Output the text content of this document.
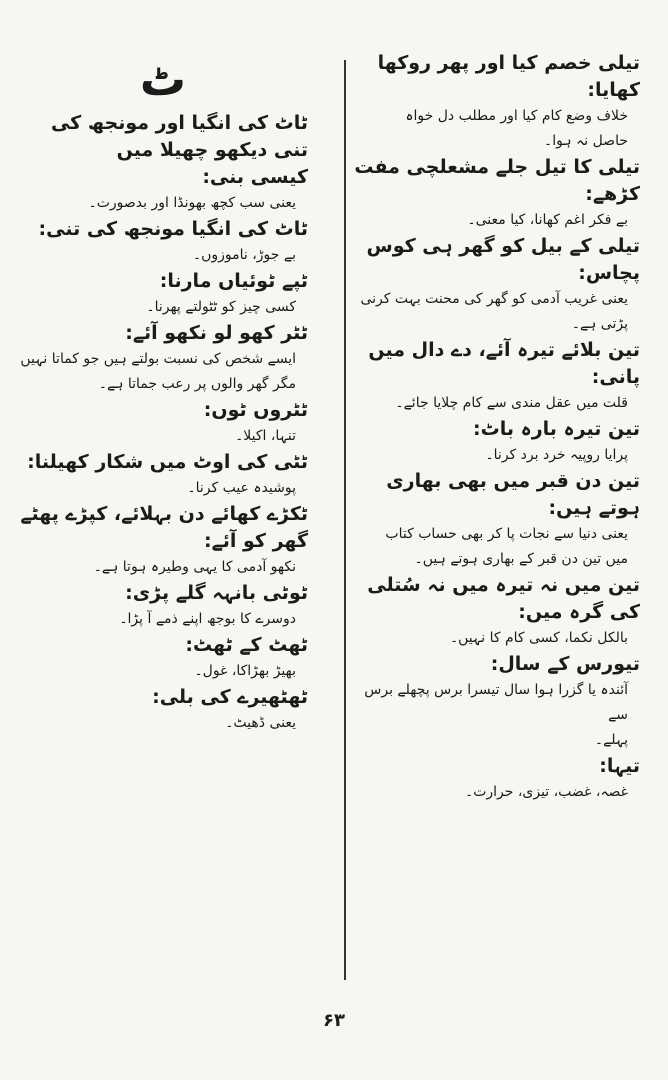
تیلی خصم کیا اور پھر روکھا کھایا:

خلاف وضع کام کیا اور مطلب دل خواہ

حاصل نہ ہوا۔

تیلی کا تیل جلے مشعلچی مفت کڑھے:

بے فکر اغم کھانا، کیا معنی۔

تیلی کے بیل کو گھر ہی کوس پچاس:

یعنی غریب آدمی کو گھر کی محنت بہت کرنی

پڑتی ہے۔

تین بلائے تیرہ آئے، دے دال میں

پانی:

قلت میں عقل مندی سے کام چلایا جائے۔

تین تیرہ بارہ باٹ:

پرایا روپیہ خرد برد کرنا۔

تین دن قبر میں بھی بھاری ہوتے ہیں:

یعنی دنیا سے نجات پا کر بھی حساب کتاب

میں تین دن قبر کے بھاری ہوتے ہیں۔

تین میں نہ تیرہ میں نہ سُتلی کی گرہ میں:

بالکل نکما، کسی کام کا نہیں۔

تیورس کے سال:

آئندہ یا گزرا ہوا سال تیسرا برس پچھلے برس سے

پہلے۔

تیہا:

غصہ، غضب، تیزی، حرارت۔

ٹ

ٹاٹ کی انگیا اور مونجھ کی تنی دیکھو چھیلا میں

کیسی بنی:

یعنی سب کچھ بھونڈا اور بدصورت۔

ٹاٹ کی انگیا مونجھ کی تنی:

بے جوڑ، ناموزوں۔

ٹپے ٹوئیاں مارنا:

کسی چیز کو ٹٹولتے پھرنا۔

ٹٹر کھو لو نکھو آئے:

ایسے شخص کی نسبت بولتے ہیں جو کماتا نہیں

مگر گھر والوں پر رعب جماتا ہے۔

ٹٹروں ٹوں:

تنہا، اکیلا۔

ٹٹی کی اوٹ میں شکار کھیلنا:

پوشیدہ عیب کرنا۔

ٹکڑے کھائے دن بہلائے، کپڑے پھٹے گھر کو آئے:

نکھو آدمی کا یہی وطیرہ ہوتا ہے۔

ٹوٹی بانہہ گلے پڑی:

دوسرے کا بوجھ اپنے ذمے آ پڑا۔

ٹھٹ کے ٹھٹ:

بھیڑ بھڑاکا، غول۔

ٹھٹھیرے کی بلی:

یعنی ڈھیٹ۔

۶۳
